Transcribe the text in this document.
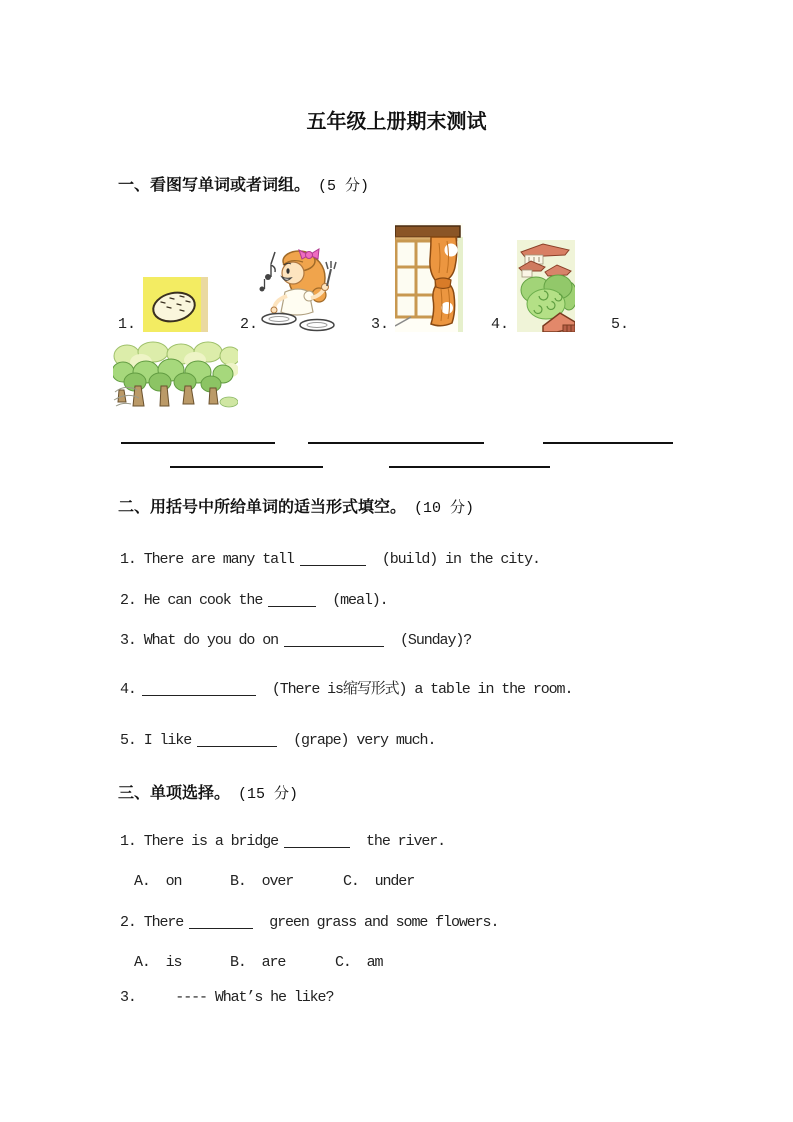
五年级上册期末测试
一、看图写单词或者词组。 (5 分)
1.	2.	3.	4.	5.
二、用括号中所给单词的适当形式填空。 (10 分)
1. There are many tall	(build) in the city.
2. He can cook the	(meal).
3. What do you do on	(Sunday)?
4.	(There is缩写形式) a table in the room.
5. I like	(grape) very much.
三、单项选择。 (15 分)
1. There is a bridge	the river.
A.  on	B.  over	C.  under
2. There	green grass and some flowers.
A.  is	B.  are	C.  am
3.     ---- What’s he like?
